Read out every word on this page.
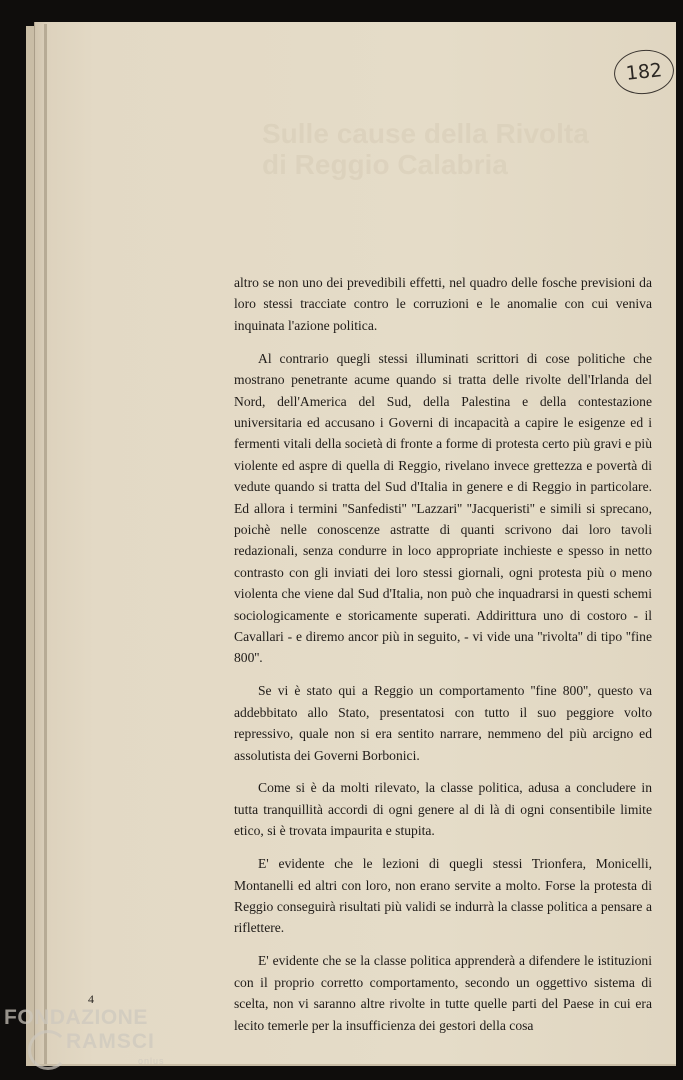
182
Sulle cause della Rivolta
di Reggio Calabria

altro se non uno dei prevedibili effetti, nel quadro delle fosche previsioni da loro stessi tracciate contro le corruzioni e le anomalie con cui veniva inquinata l'azione politica.

Al contrario quegli stessi illuminati scrittori di cose politiche che mostrano penetrante acume quando si tratta delle rivolte dell'Irlanda del Nord, dell'America del Sud, della Palestina e della contestazione universitaria ed accusano i Governi di incapacità a capire le esigenze ed i fermenti vitali della società di fronte a forme di protesta certo più gravi e più violente ed aspre di quella di Reggio, rivelano invece grettezza e povertà di vedute quando si tratta del Sud d'Italia in genere e di Reggio in particolare. Ed allora i termini ''Sanfedisti'' ''Lazzari'' ''Jacqueristi'' e simili si sprecano, poichè nelle conoscenze astratte di quanti scrivono dai loro tavoli redazionali, senza condurre in loco appropriate inchieste e spesso in netto contrasto con gli inviati dei loro stessi giornali, ogni protesta più o meno violenta che viene dal Sud d'Italia, non può che inquadrarsi in questi schemi sociologicamente e storicamente superati. Addirittura uno di costoro - il Cavallari - e diremo ancor più in seguito, - vi vide una ''rivolta'' di tipo ''fine 800''.

Se vi è stato qui a Reggio un comportamento ''fine 800'', questo va addebbitato allo Stato, presentatosi con tutto il suo peggiore volto repressivo, quale non si era sentito narrare, nemmeno del più arcigno ed assolutista dei Governi Borbonici.

Come si è da molti rilevato, la classe politica, adusa a concludere in tutta tranquillità accordi di ogni genere al di là di ogni consentibile limite etico, si è trovata impaurita e stupita.

E' evidente che le lezioni di quegli stessi Trionfera, Monicelli, Montanelli ed altri con loro, non erano servite a molto. Forse la protesta di Reggio conseguirà risultati più validi se indurrà la classe politica a pensare a riflettere.

E' evidente che se la classe politica apprenderà a difendere le istituzioni con il proprio corretto comportamento, secondo un oggettivo sistema di scelta, non vi saranno altre rivolte in tutte quelle parti del Paese in cui era lecito temerle per la insufficienza dei gestori della cosa

4
FONDAZIONE
RAMSCI
onlus
